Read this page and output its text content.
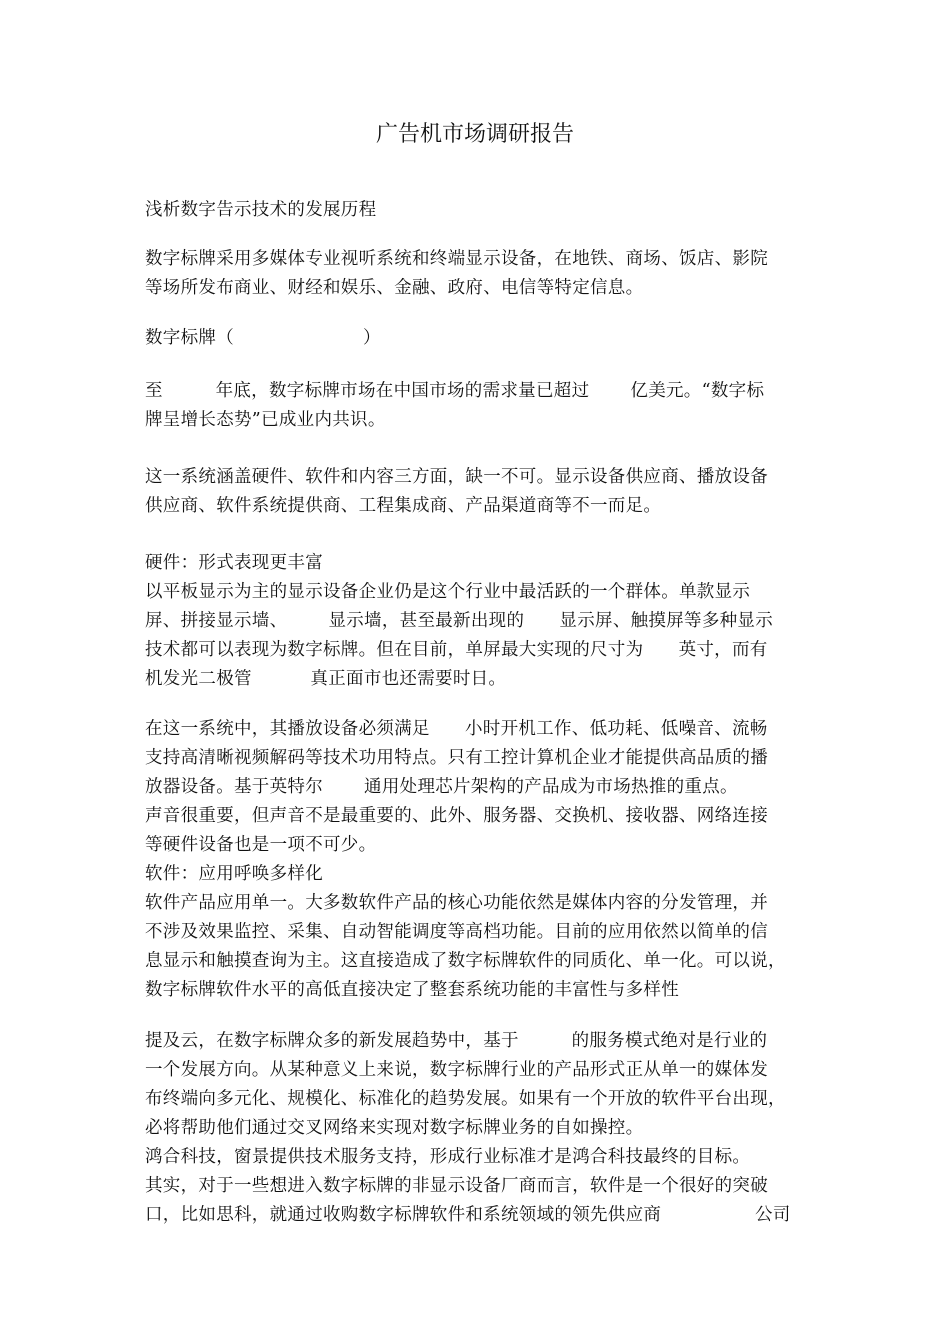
广告机市场调研报告
浅析数字告示技术的发展历程
数字标牌采用多媒体专业视听系统和终端显示设备，在地铁、商场、饭店、影院
等场所发布商业、财经和娱乐、金融、政府、电信等特定信息。
数字标牌（                      ）
至         年底，数字标牌市场在中国市场的需求量已超过       亿美元。“数字标
牌呈增长态势”已成业内共识。
这一系统涵盖硬件、软件和内容三方面，缺一不可。显示设备供应商、播放设备
供应商、软件系统提供商、工程集成商、产品渠道商等不一而足。
硬件：形式表现更丰富
以平板显示为主的显示设备企业仍是这个行业中最活跃的一个群体。单款显示
屏、拼接显示墙、       显示墙，甚至最新出现的      显示屏、触摸屏等多种显示
技术都可以表现为数字标牌。但在目前，单屏最大实现的尺寸为      英寸，而有
机发光二极管          真正面市也还需要时日。
在这一系统中，其播放设备必须满足      小时开机工作、低功耗、低噪音、流畅
支持高清晰视频解码等技术功用特点。只有工控计算机企业才能提供高品质的播
放器设备。基于英特尔       通用处理芯片架构的产品成为市场热推的重点。
声音很重要，但声音不是最重要的、此外、服务器、交换机、接收器、网络连接
等硬件设备也是一项不可少。
软件：应用呼唤多样化
软件产品应用单一。大多数软件产品的核心功能依然是媒体内容的分发管理，并
不涉及效果监控、采集、自动智能调度等高档功能。目前的应用依然以简单的信
息显示和触摸查询为主。这直接造成了数字标牌软件的同质化、单一化。可以说，
数字标牌软件水平的高低直接决定了整套系统功能的丰富性与多样性
提及云，在数字标牌众多的新发展趋势中，基于         的服务模式绝对是行业的
一个发展方向。从某种意义上来说，数字标牌行业的产品形式正从单一的媒体发
布终端向多元化、规模化、标准化的趋势发展。如果有一个开放的软件平台出现，
必将帮助他们通过交叉网络来实现对数字标牌业务的自如操控。
鸿合科技，窗景提供技术服务支持，形成行业标准才是鸿合科技最终的目标。
其实，对于一些想进入数字标牌的非显示设备厂商而言，软件是一个很好的突破
口，比如思科，就通过收购数字标牌软件和系统领域的领先供应商                公司
